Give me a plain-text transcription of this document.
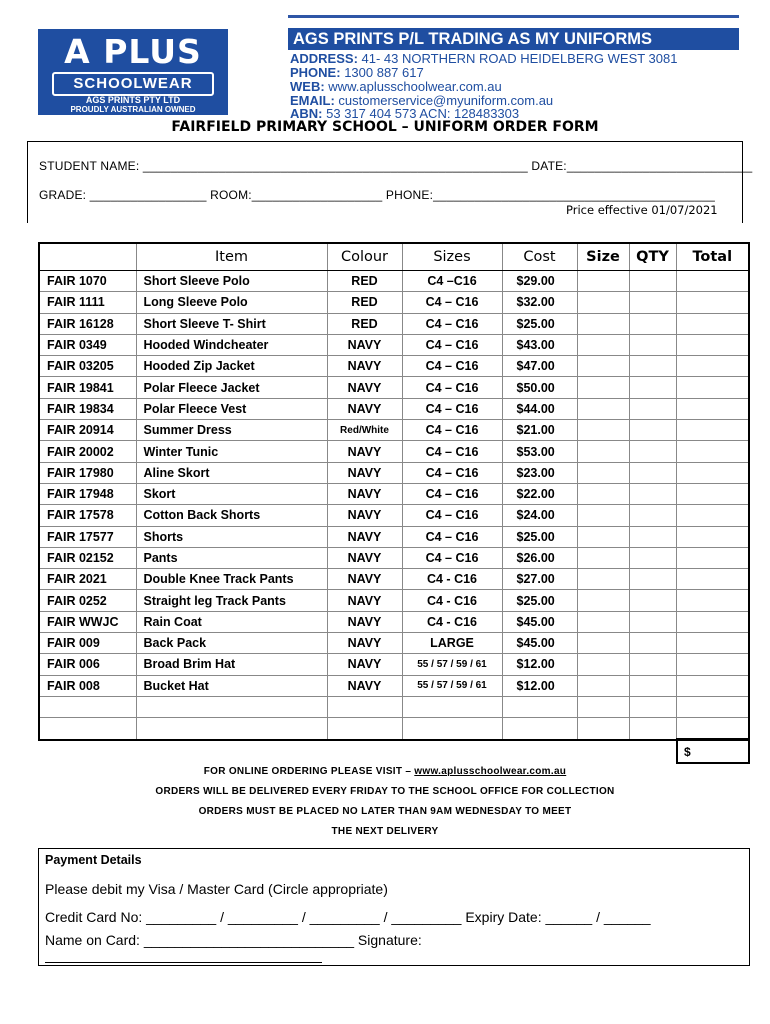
A PLUS
SCHOOLWEAR
AGS PRINTS PTY LTD
PROUDLY AUSTRALIAN OWNED
AGS PRINTS P/L TRADING AS MY UNIFORMS
ADDRESS: 41- 43 NORTHERN ROAD HEIDELBERG WEST 3081
PHONE: 1300 887 617
WEB: www.aplusschoolwear.com.au
EMAIL: customerservice@myuniform.com.au
ABN: 53 317 404 573 ACN: 128483303
FAIRFIELD PRIMARY SCHOOL – UNIFORM ORDER FORM
STUDENT NAME: ________________________________________________________ DATE:___________________________
GRADE: _________________ ROOM:___________________ PHONE:_________________________________________
Price effective 01/07/2021
	Item	Colour	Sizes	Cost	Size	QTY	Total
FAIR 1070	Short Sleeve Polo	RED	C4 –C16	$29.00			
FAIR 1111	Long Sleeve Polo	RED	C4 – C16	$32.00			
FAIR 16128	Short Sleeve T- Shirt	RED	C4 – C16	$25.00			
FAIR 0349	Hooded Windcheater	NAVY	C4 – C16	$43.00			
FAIR 03205	Hooded Zip Jacket	NAVY	C4 – C16	$47.00			
FAIR 19841	Polar Fleece Jacket	NAVY	C4 – C16	$50.00			
FAIR 19834	Polar Fleece Vest	NAVY	C4 – C16	$44.00			
FAIR 20914	Summer Dress	Red/White	C4 – C16	$21.00			
FAIR 20002	Winter Tunic	NAVY	C4 – C16	$53.00			
FAIR 17980	Aline Skort	NAVY	C4 – C16	$23.00			
FAIR 17948	Skort	NAVY	C4 – C16	$22.00			
FAIR 17578	Cotton Back Shorts	NAVY	C4 – C16	$24.00			
FAIR 17577	Shorts	NAVY	C4 – C16	$25.00			
FAIR 02152	Pants	NAVY	C4 – C16	$26.00			
FAIR 2021	Double Knee Track Pants	NAVY	C4 - C16	$27.00			
FAIR 0252	Straight leg Track Pants	NAVY	C4 - C16	$25.00			
FAIR WWJC	Rain Coat	NAVY	C4 - C16	$45.00			
FAIR 009	Back Pack	NAVY	LARGE	$45.00			
FAIR 006	Broad Brim Hat	NAVY	55 / 57 / 59 / 61	$12.00			
FAIR 008	Bucket Hat	NAVY	55 / 57 / 59 / 61	$12.00			

$
FOR ONLINE ORDERING PLEASE VISIT – www.aplusschoolwear.com.au
ORDERS WILL BE DELIVERED EVERY FRIDAY TO THE SCHOOL OFFICE FOR COLLECTION
ORDERS MUST BE PLACED NO LATER THAN 9AM WEDNESDAY TO MEET
THE NEXT DELIVERY
Payment Details
Please debit my Visa / Master Card (Circle appropriate)
Credit Card No: _________ / _________ / _________ / _________ Expiry Date: ______ / ______
Name on Card: ___________________________ Signature:
